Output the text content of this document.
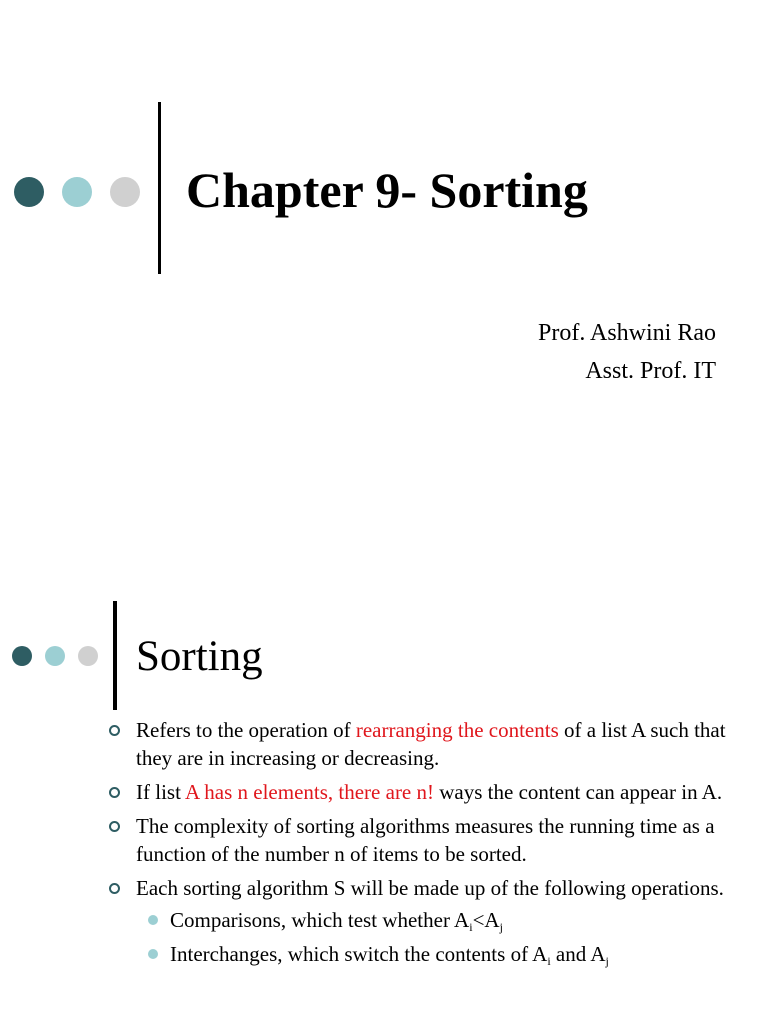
Chapter 9- Sorting
Prof. Ashwini Rao
Asst. Prof. IT
Sorting
Refers to the operation of rearranging the contents of a list A such that they are in increasing or decreasing.
If list A has n elements, there are n! ways the content can appear in A.
The complexity of sorting algorithms measures the running time as a function of the number n of items to be sorted.
Each sorting algorithm S will be made up of the following operations.
Comparisons, which test whether $A_i<A_j$
Interchanges, which switch the contents of $A_i$ and $A_j$
